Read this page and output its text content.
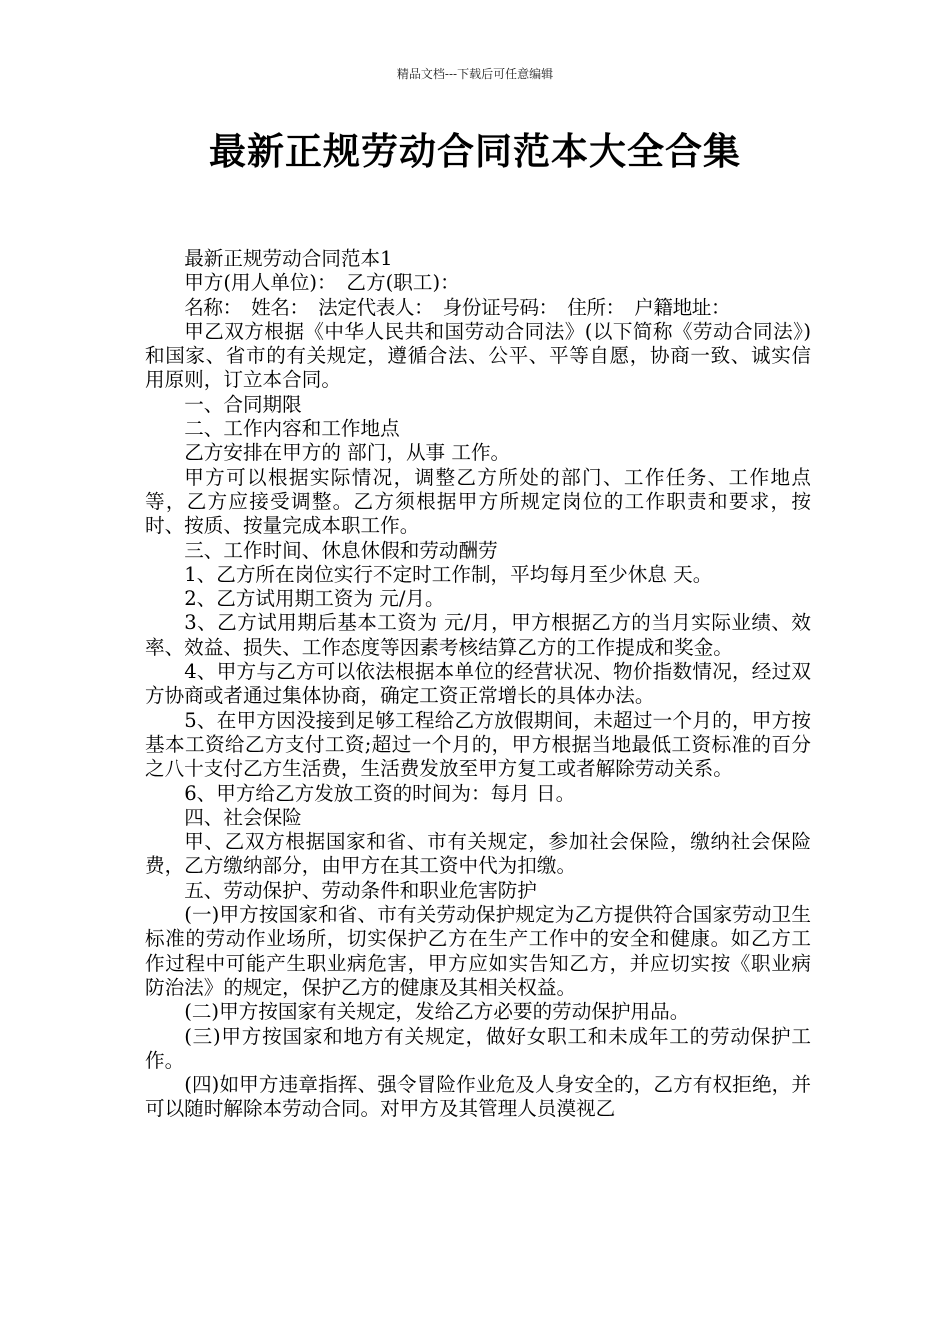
精品文档---下载后可任意编辑
最新正规劳动合同范本大全合集

最新正规劳动合同范本1

甲方(用人单位)：　乙方(职工)：

名称：　姓名：　法定代表人：　身份证号码：　住所：　户籍地址：

甲乙双方根据《中华人民共和国劳动合同法》(以下简称《劳动合同法》)和国家、省市的有关规定，遵循合法、公平、平等自愿，协商一致、诚实信用原则，订立本合同。

一、合同期限

二、工作内容和工作地点

乙方安排在甲方的 部门，从事 工作。

甲方可以根据实际情况，调整乙方所处的部门、工作任务、工作地点等，乙方应接受调整。乙方须根据甲方所规定岗位的工作职责和要求，按时、按质、按量完成本职工作。

三、工作时间、休息休假和劳动酬劳

1、乙方所在岗位实行不定时工作制，平均每月至少休息 天。

2、乙方试用期工资为 元/月。

3、乙方试用期后基本工资为 元/月，甲方根据乙方的当月实际业绩、效率、效益、损失、工作态度等因素考核结算乙方的工作提成和奖金。

4、甲方与乙方可以依法根据本单位的经营状况、物价指数情况，经过双方协商或者通过集体协商，确定工资正常增长的具体办法。

5、在甲方因没接到足够工程给乙方放假期间，未超过一个月的，甲方按基本工资给乙方支付工资;超过一个月的，甲方根据当地最低工资标准的百分之八十支付乙方生活费，生活费发放至甲方复工或者解除劳动关系。

6、甲方给乙方发放工资的时间为：每月 日。

四、社会保险

甲、乙双方根据国家和省、市有关规定，参加社会保险，缴纳社会保险费，乙方缴纳部分，由甲方在其工资中代为扣缴。

五、劳动保护、劳动条件和职业危害防护

(一)甲方按国家和省、市有关劳动保护规定为乙方提供符合国家劳动卫生标准的劳动作业场所，切实保护乙方在生产工作中的安全和健康。如乙方工作过程中可能产生职业病危害，甲方应如实告知乙方，并应切实按《职业病防治法》的规定，保护乙方的健康及其相关权益。

(二)甲方按国家有关规定，发给乙方必要的劳动保护用品。

(三)甲方按国家和地方有关规定，做好女职工和未成年工的劳动保护工作。

(四)如甲方违章指挥、强令冒险作业危及人身安全的，乙方有权拒绝，并可以随时解除本劳动合同。对甲方及其管理人员漠视乙
